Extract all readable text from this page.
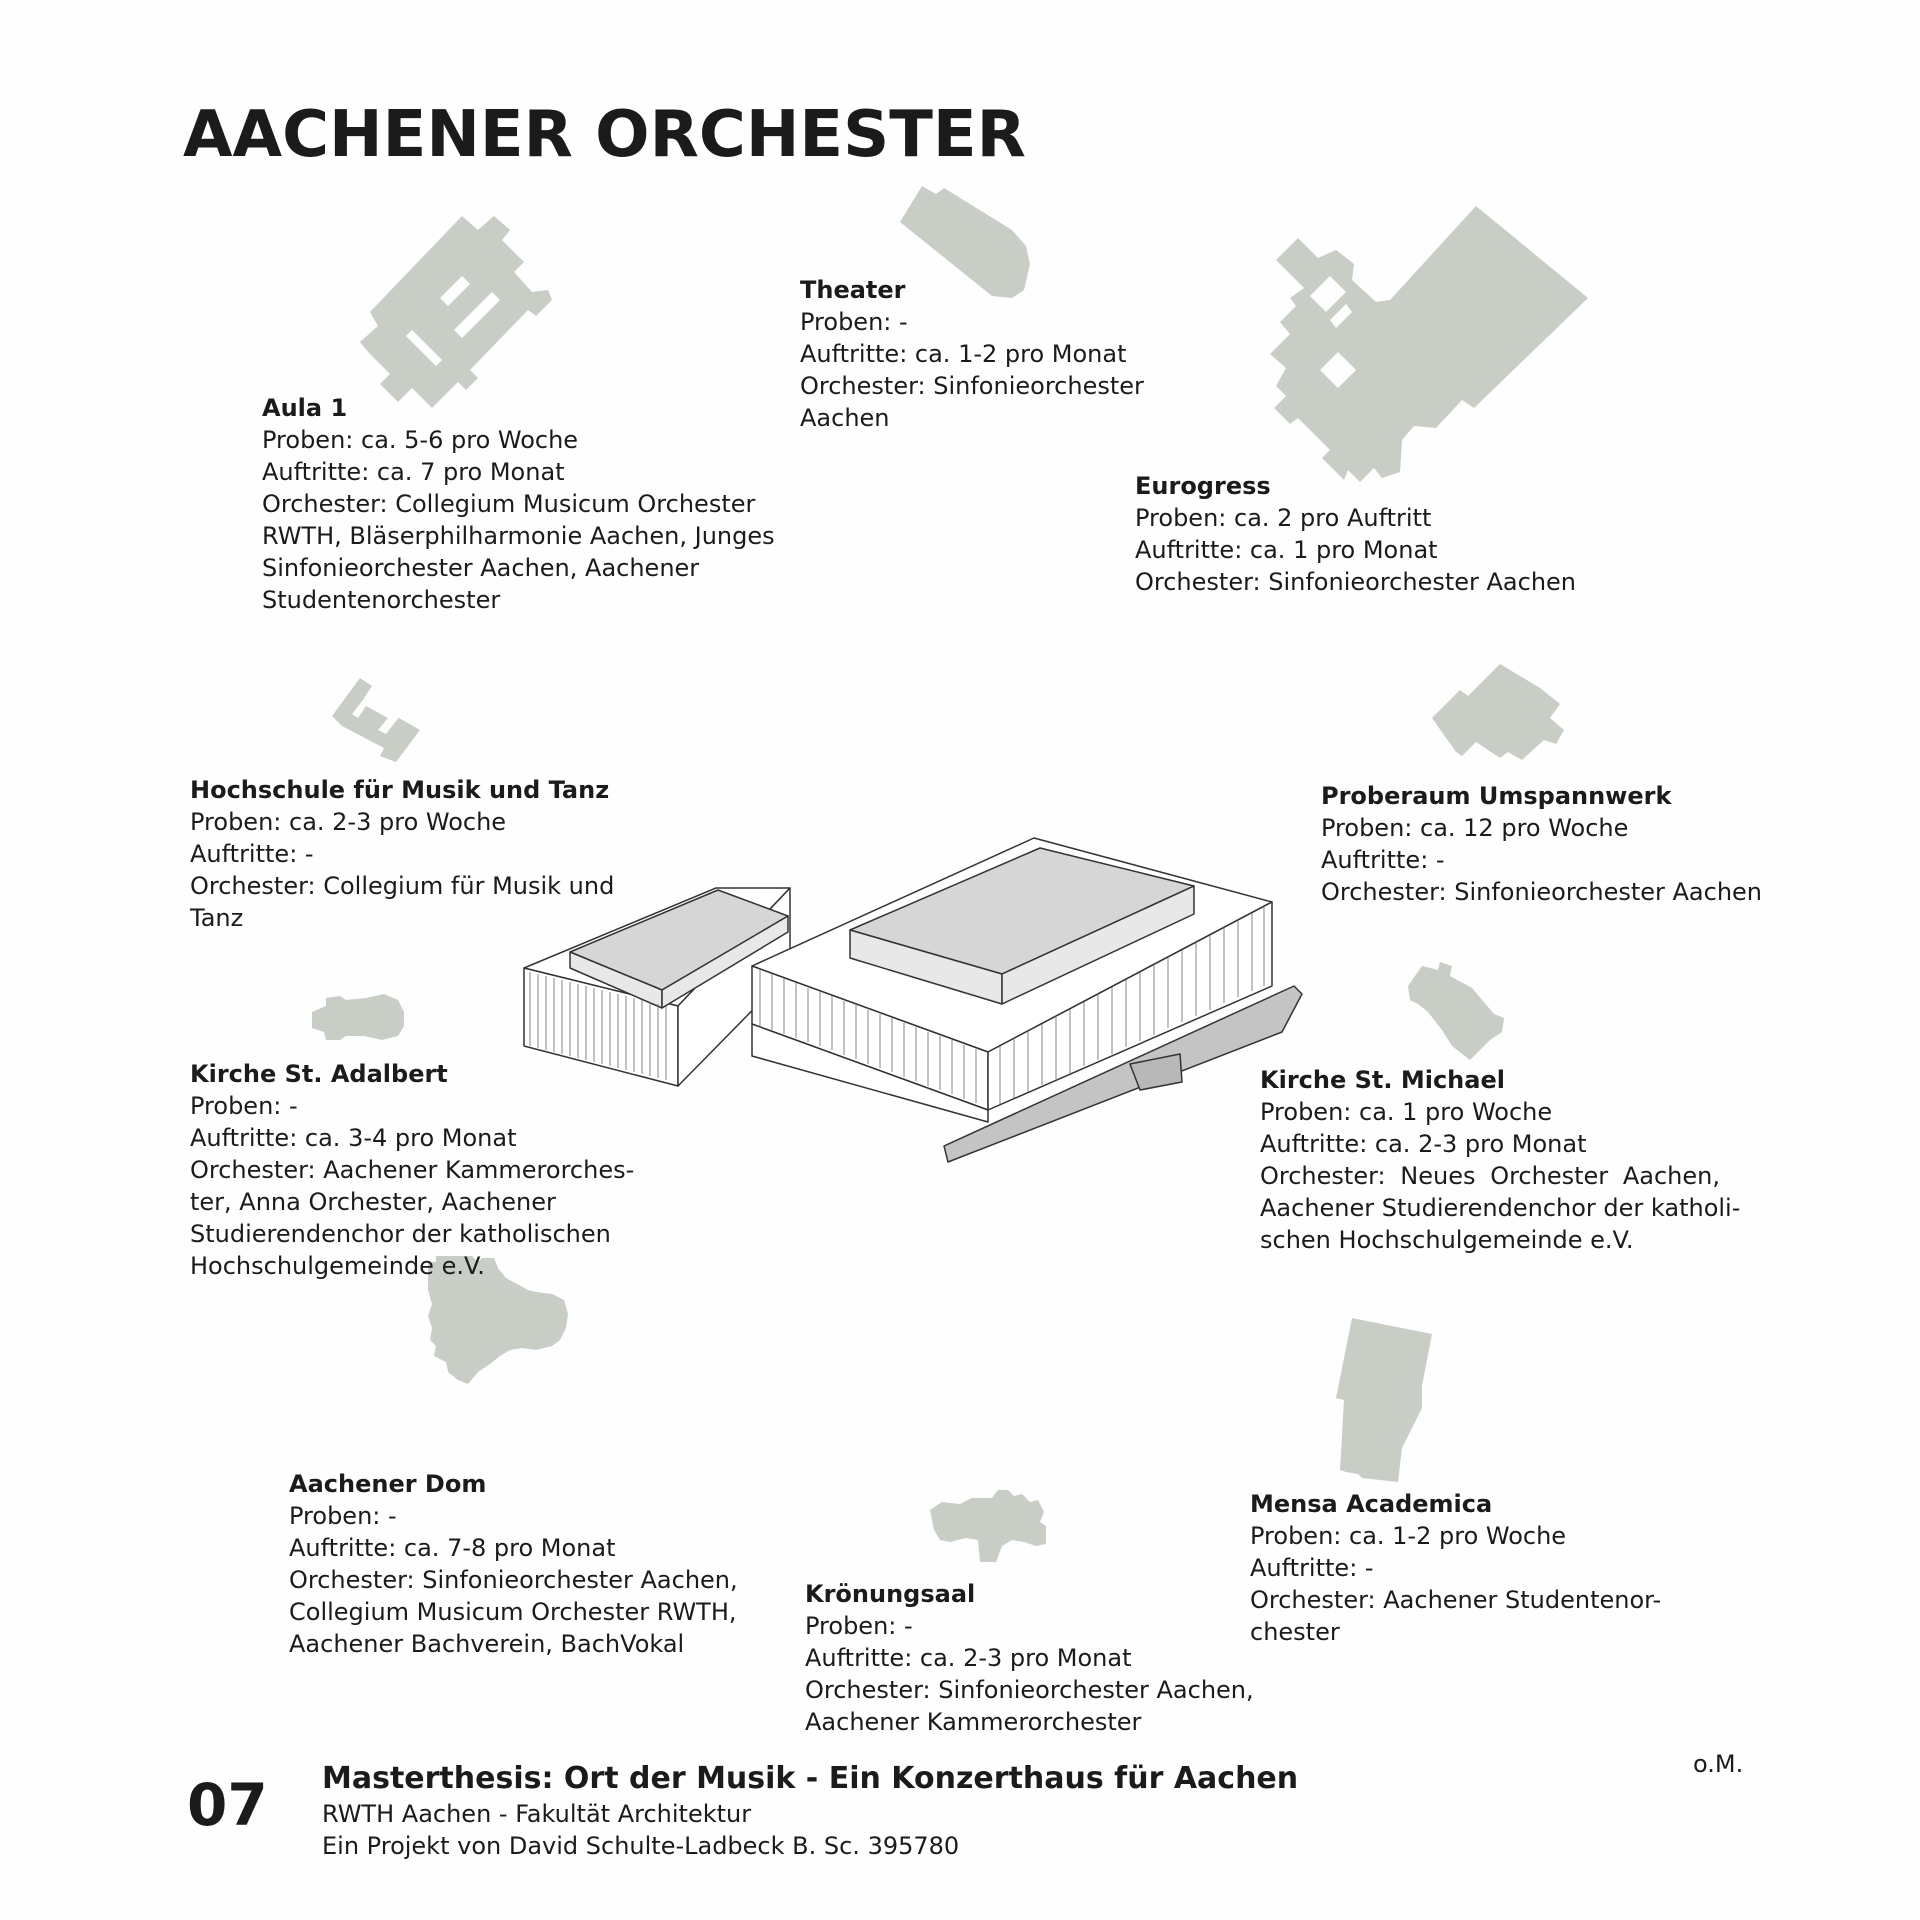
AACHENER ORCHESTER
Aula 1
Proben: ca. 5-6 pro Woche
Auftritte: ca. 7 pro Monat
Orchester: Collegium Musicum Orchester
RWTH, Bläserphilharmonie Aachen, Junges
Sinfonieorchester Aachen, Aachener
Studentenorchester
Theater
Proben: -
Auftritte: ca. 1-2 pro Monat
Orchester: Sinfonieorchester
Aachen
Eurogress
Proben: ca. 2 pro Auftritt
Auftritte: ca. 1 pro Monat
Orchester: Sinfonieorchester Aachen
Hochschule für Musik und Tanz
Proben: ca. 2-3 pro Woche
Auftritte: -
Orchester: Collegium für Musik und
Tanz
Proberaum Umspannwerk
Proben: ca. 12 pro Woche
Auftritte: -
Orchester: Sinfonieorchester Aachen
Kirche St. Adalbert
Proben: -
Auftritte: ca. 3-4 pro Monat
Orchester: Aachener Kammerorches-
ter, Anna Orchester, Aachener
Studierendenchor der katholischen
Hochschulgemeinde e.V.
Kirche St. Michael
Proben: ca. 1 pro Woche
Auftritte: ca. 2-3 pro Monat
Orchester: Neues Orchester Aachen,
Aachener Studierendenchor der katholi-
schen Hochschulgemeinde e.V.
Aachener Dom
Proben: -
Auftritte: ca. 7-8 pro Monat
Orchester: Sinfonieorchester Aachen,
Collegium Musicum Orchester RWTH,
Aachener Bachverein, BachVokal
Krönungsaal
Proben: -
Auftritte: ca. 2-3 pro Monat
Orchester: Sinfonieorchester Aachen,
Aachener Kammerorchester
Mensa Academica
Proben: ca. 1-2 pro Woche
Auftritte: -
Orchester: Aachener Studentenor-
chester
07 Masterthesis: Ort der Musik - Ein Konzerthaus für Aachen
RWTH Aachen - Fakultät Architektur
Ein Projekt von David Schulte-Ladbeck B. Sc. 395780
o.M.
